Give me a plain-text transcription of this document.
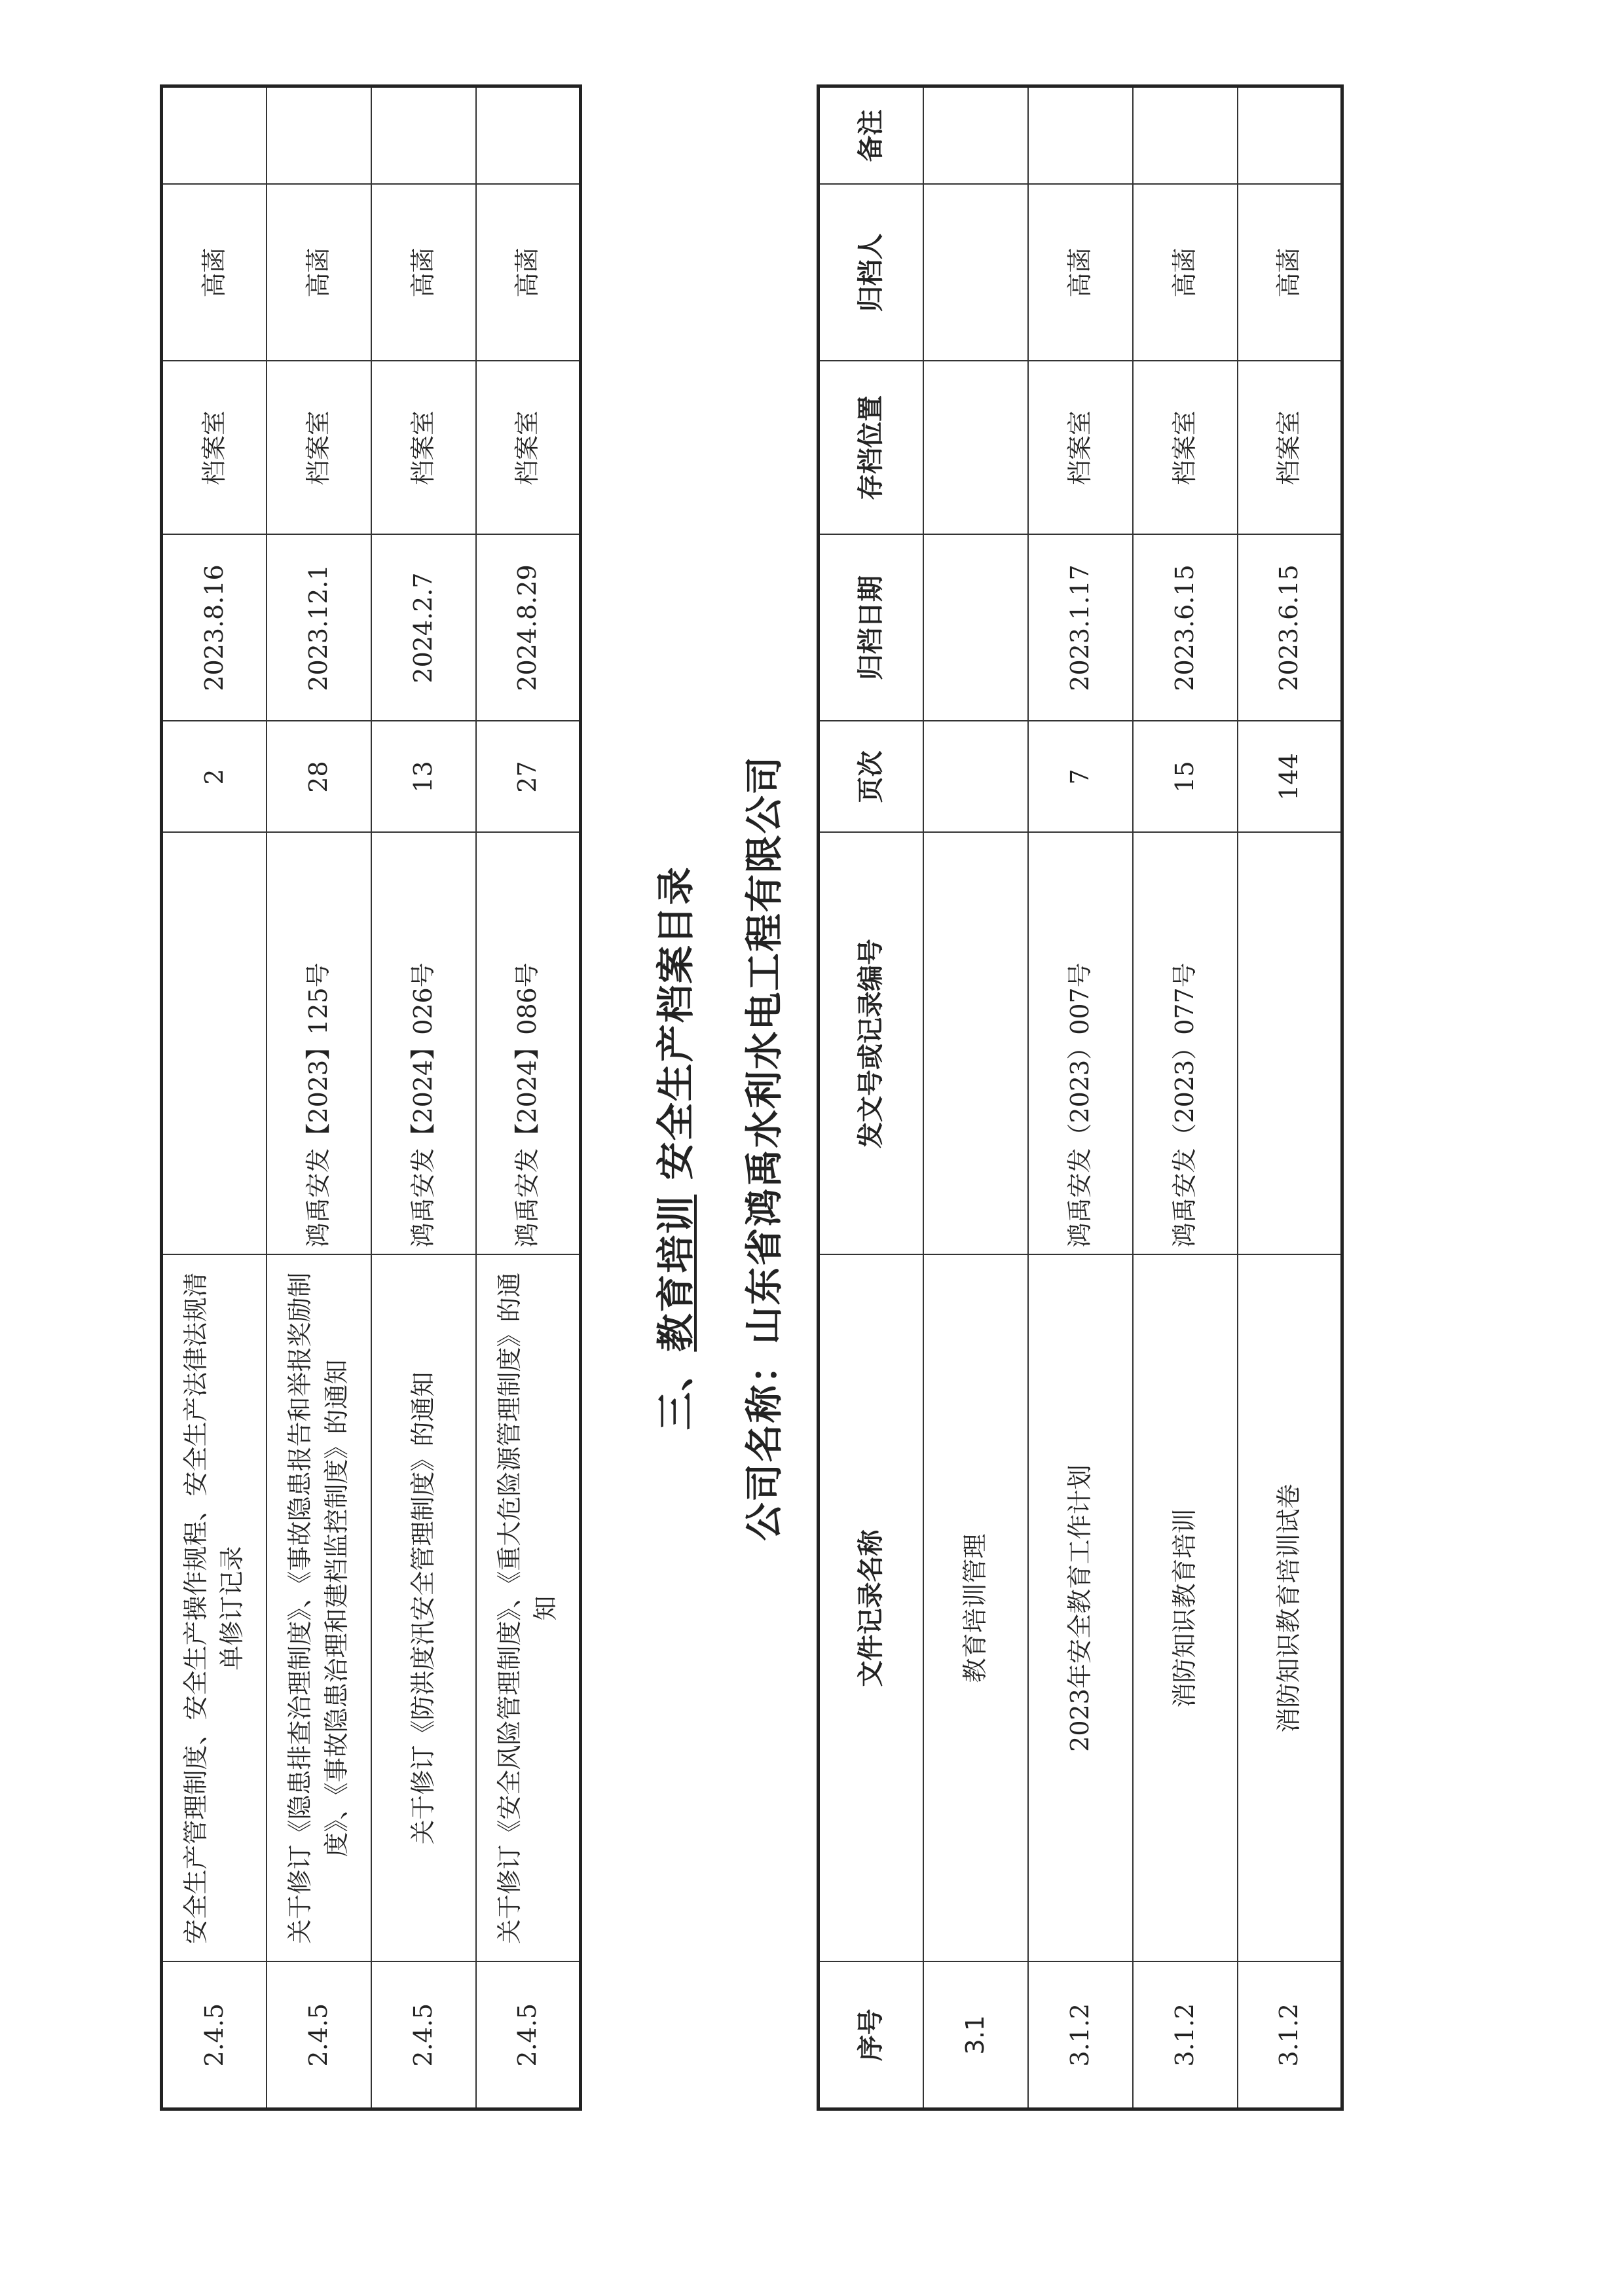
2.4.5	安全生产管理制度、安全生产操作规程、安全生产法律法规清单修订记录		2	2023.8.16	档案室	高菡	
2.4.5	关于修订《隐患排查治理制度》、《事故隐患报告和举报奖励制度》、《事故隐患治理和建档监控制度》的通知	鸿禹安发【2023】125号	28	2023.12.1	档案室	高菡	
2.4.5	关于修订《防洪度汛安全管理制度》的通知	鸿禹安发【2024】026号	13	2024.2.7	档案室	高菡	
2.4.5	关于修订《安全风险管理制度》、《重大危险源管理制度》的通知	鸿禹安发【2024】086号	27	2024.8.29	档案室	高菡	
三、教育培训 安全生产档案目录
公司名称：山东省鸿禹水利水电工程有限公司
序号	文件记录名称	发文号或记录编号	页次	归档日期	存档位置	归档人	备注
3.1	教育培训管理						
3.1.2	2023年安全教育工作计划	鸿禹安发（2023）007号	7	2023.1.17	档案室	高菡	
3.1.2	消防知识教育培训	鸿禹安发（2023）077号	15	2023.6.15	档案室	高菡	
3.1.2	消防知识教育培训试卷		144	2023.6.15	档案室	高菡	
